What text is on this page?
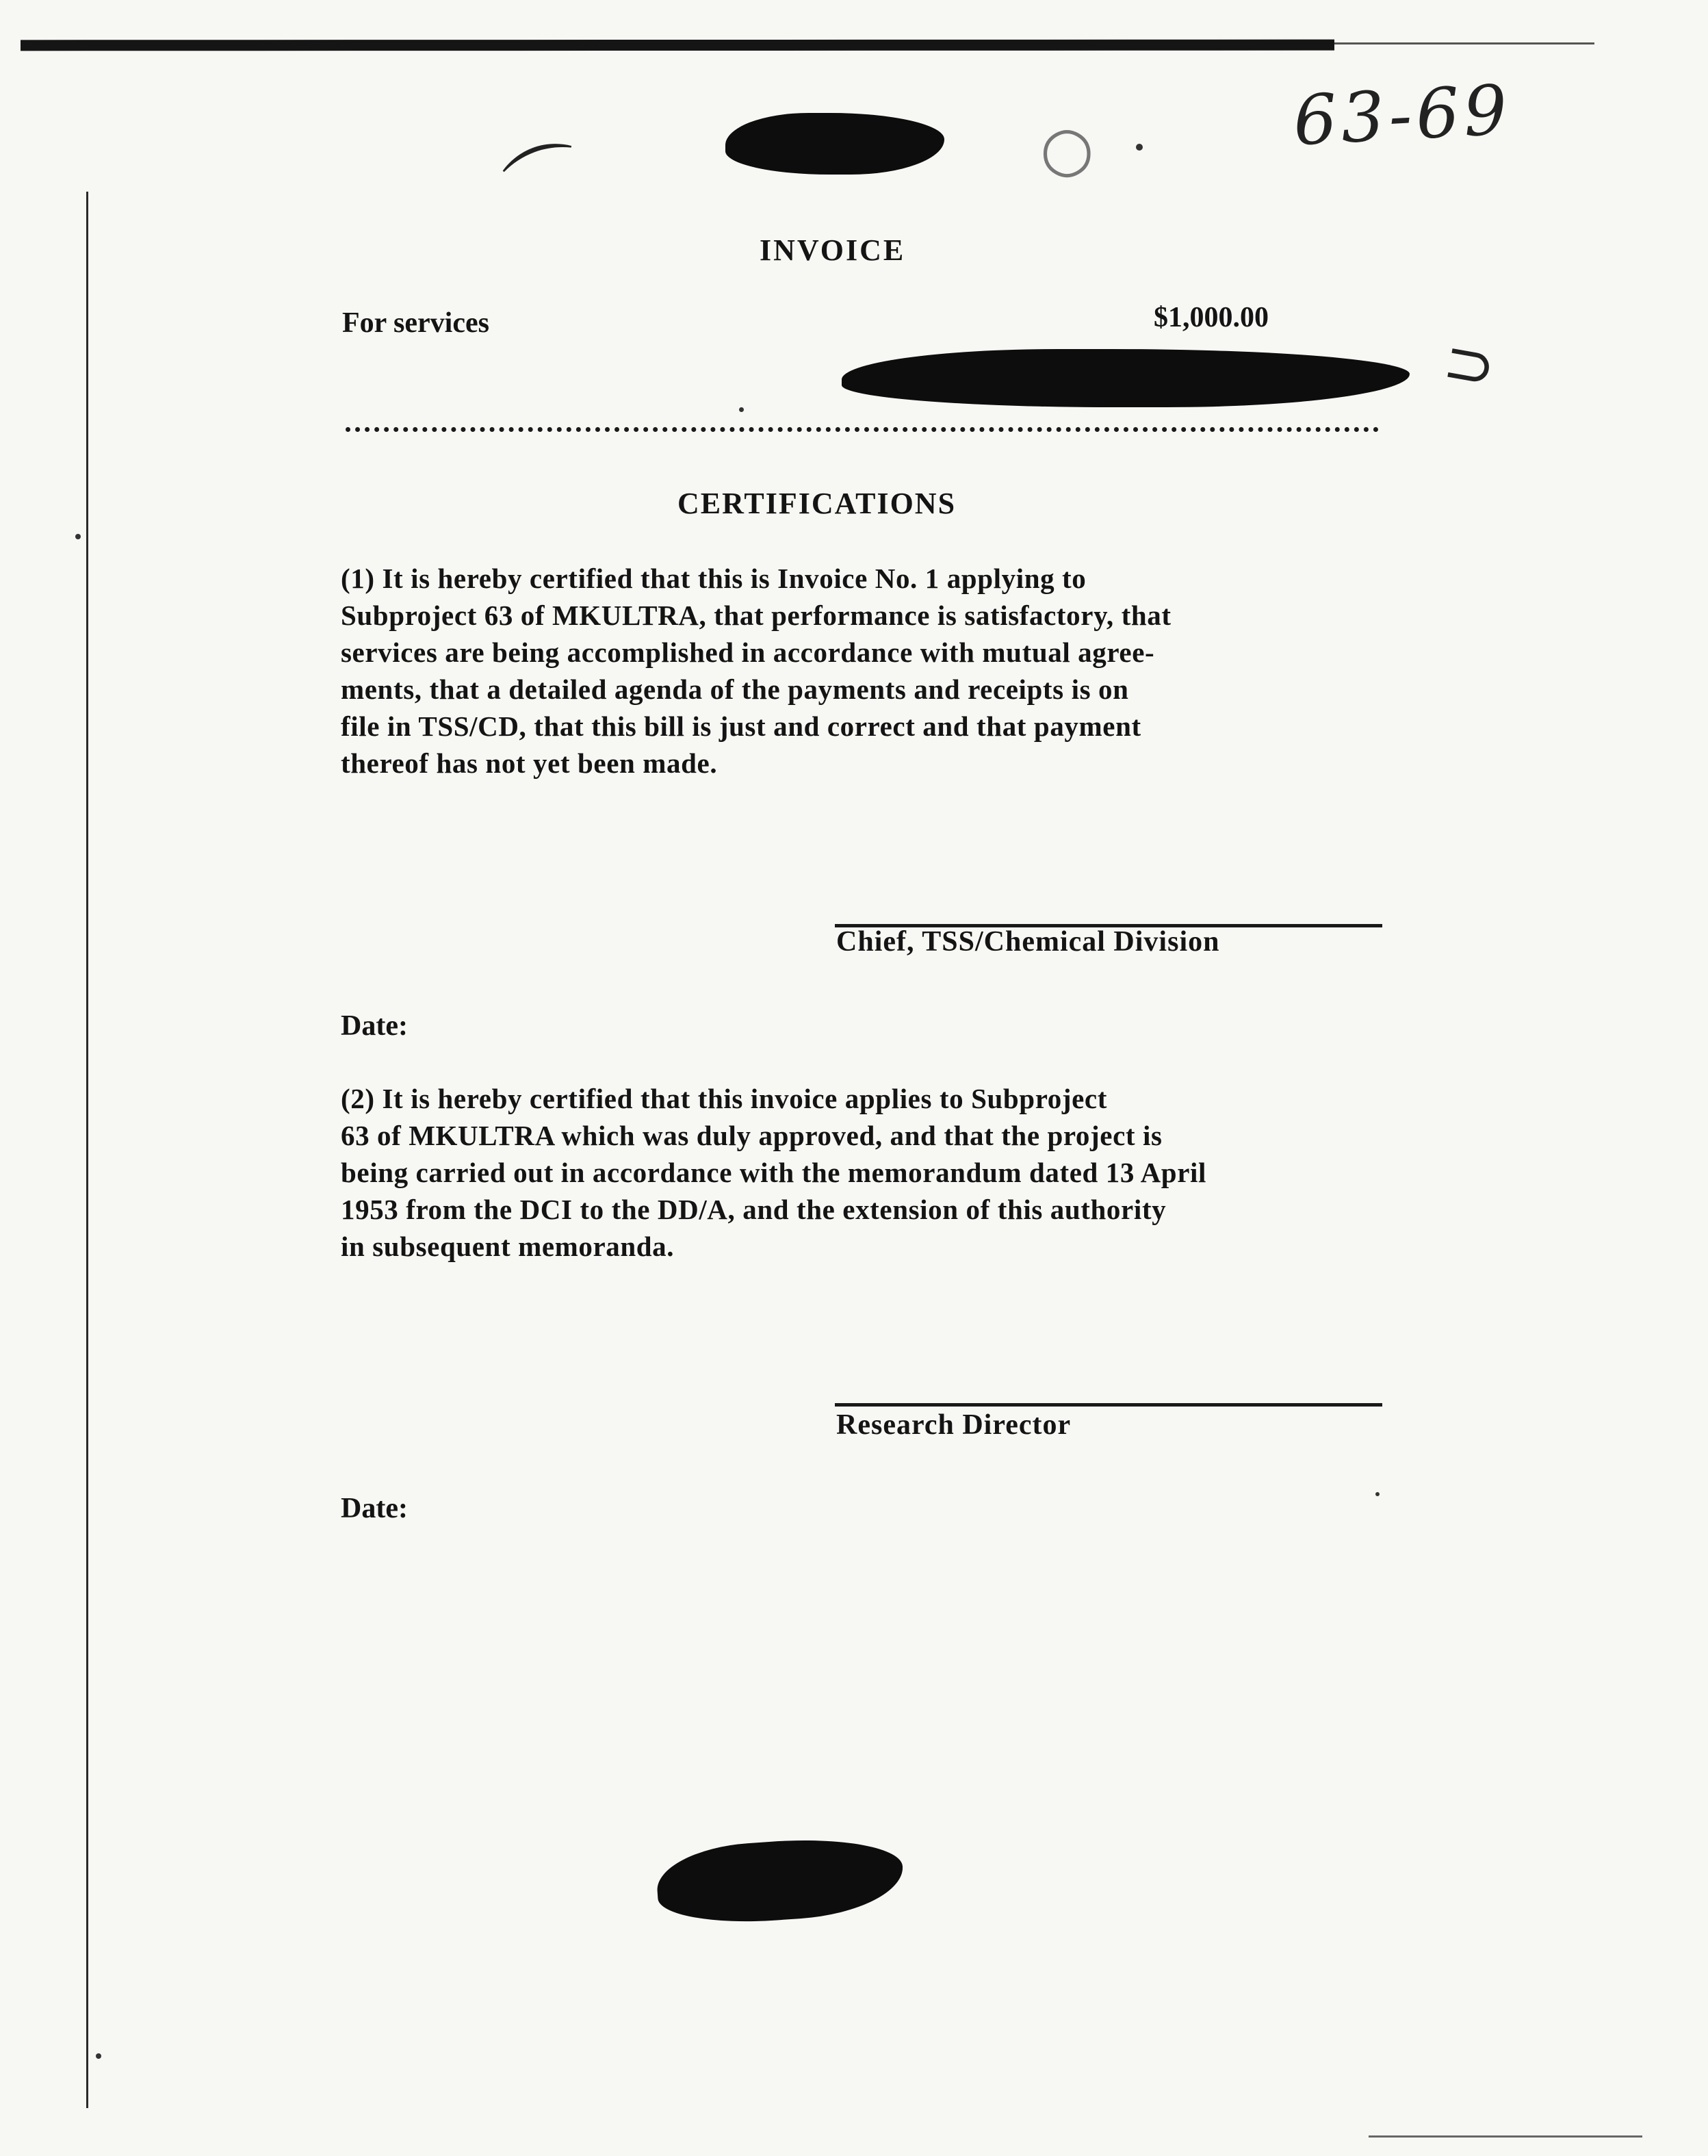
⌒	○
⊃
63-69
INVOICE
For services	$1,000.00
CERTIFICATIONS
(1) It is hereby certified that this is Invoice No. 1 applying to
Subproject 63 of MKULTRA, that performance is satisfactory, that
services are being accomplished in accordance with mutual agree-
ments, that a detailed agenda of the payments and receipts is on
file in TSS/CD, that this bill is just and correct and that payment
thereof has not yet been made.
Chief, TSS/Chemical Division
Date:
(2) It is hereby certified that this invoice applies to Subproject
63 of MKULTRA which was duly approved, and that the project is
being carried out in accordance with the memorandum dated 13 April
1953 from the DCI to the DD/A, and the extension of this authority
in subsequent memoranda.
Research Director
Date:
